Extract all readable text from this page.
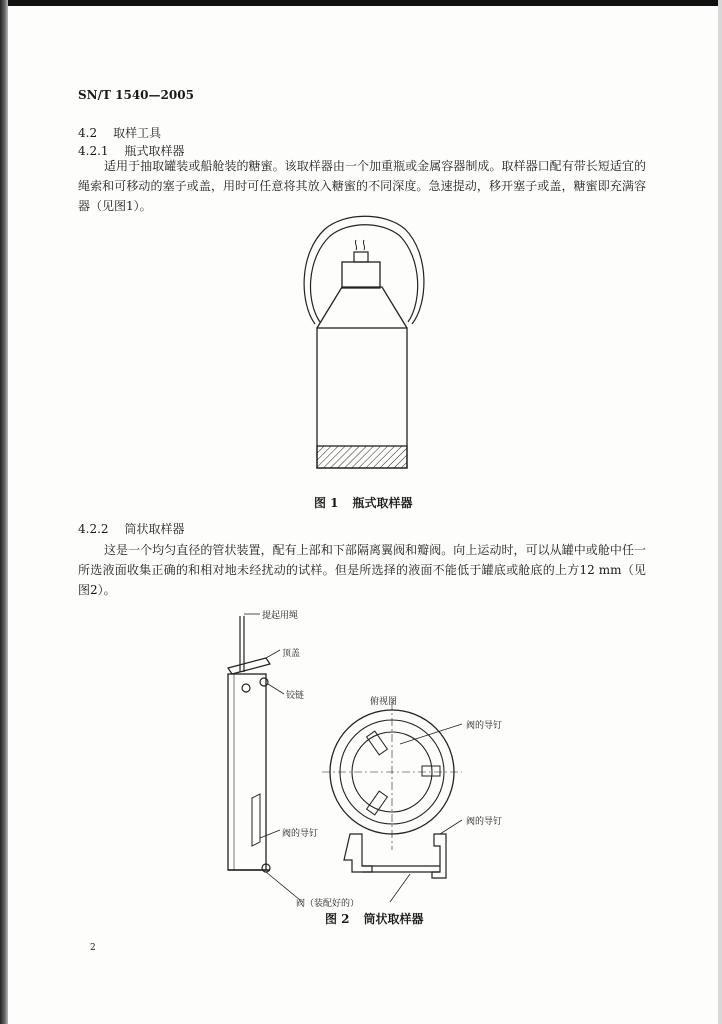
SN/T 1540—2005
4.2 取样工具
4.2.1 瓶式取样器
适用于抽取罐装或船舱装的糖蜜。该取样器由一个加重瓶或金属容器制成。取样器口配有带长短适宜的绳索和可移动的塞子或盖，用时可任意将其放入糖蜜的不同深度。急速提动，移开塞子或盖，糖蜜即充满容器（见图1）。
图 1 瓶式取样器
4.2.2 筒状取样器
这是一个均匀直径的管状装置，配有上部和下部隔离翼阀和瓣阀。向上运动时，可以从罐中或舱中任一所选液面收集正确的和相对地未经扰动的试样。但是所选择的液面不能低于罐底或舱底的上方12 mm（见图2）。
提起用绳
顶盖
铰链
俯视图
阀的导钉
阀的导钉
阀的导钉
阀（装配好的）
图 2 筒状取样器
2
